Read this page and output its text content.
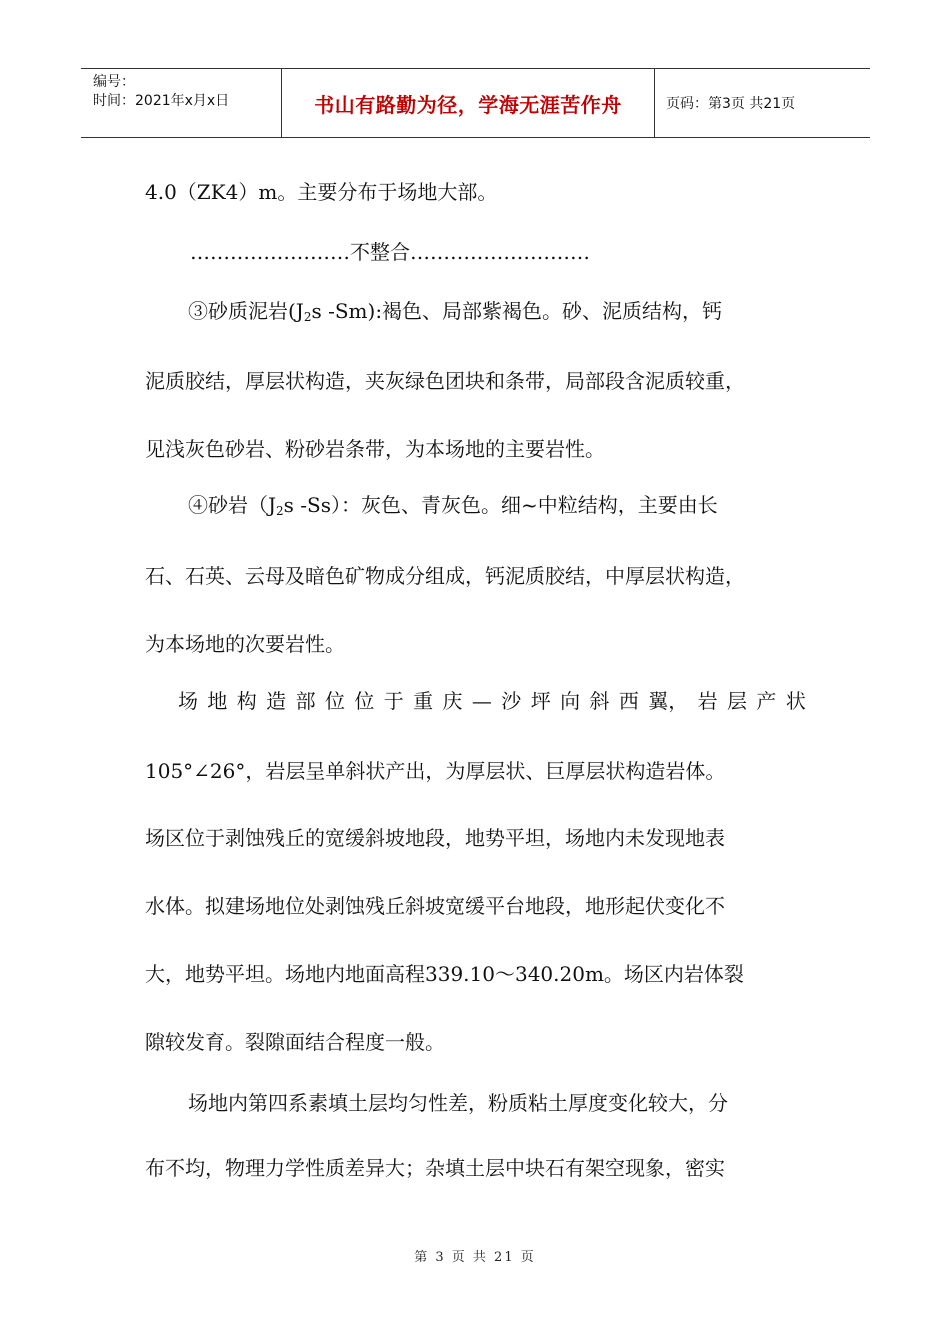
编号：
时间：2021年x月x日	书山有路勤为径，学海无涯苦作舟	页码：第3页 共21页
4.0（ZK4）m。主要分布于场地大部。
……………………不整合………………………
③砂质泥岩($J_2s$ -Sm):褐色、局部紫褐色。砂、泥质结构，钙
泥质胶结，厚层状构造，夹灰绿色团块和条带，局部段含泥质较重，
见浅灰色砂岩、粉砂岩条带，为本场地的主要岩性。
④砂岩（$J_2s$ -Ss）：灰色、青灰色。细~中粒结构，主要由长
石、石英、云母及暗色矿物成分组成，钙泥质胶结，中厚层状构造，
为本场地的次要岩性。
场 地 构 造 部 位 位 于 重 庆 — 沙 坪 向 斜 西 翼， 岩 层 产 状
105°∠26°，岩层呈单斜状产出，为厚层状、巨厚层状构造岩体。
场区位于剥蚀残丘的宽缓斜坡地段，地势平坦，场地内未发现地表
水体。拟建场地位处剥蚀残丘斜坡宽缓平台地段，地形起伏变化不
大，地势平坦。场地内地面高程339.10～340.20m。场区内岩体裂
隙较发育。裂隙面结合程度一般。
场地内第四系素填土层均匀性差，粉质粘土厚度变化较大，分
布不均，物理力学性质差异大；杂填土层中块石有架空现象，密实
第 3 页 共 21 页
